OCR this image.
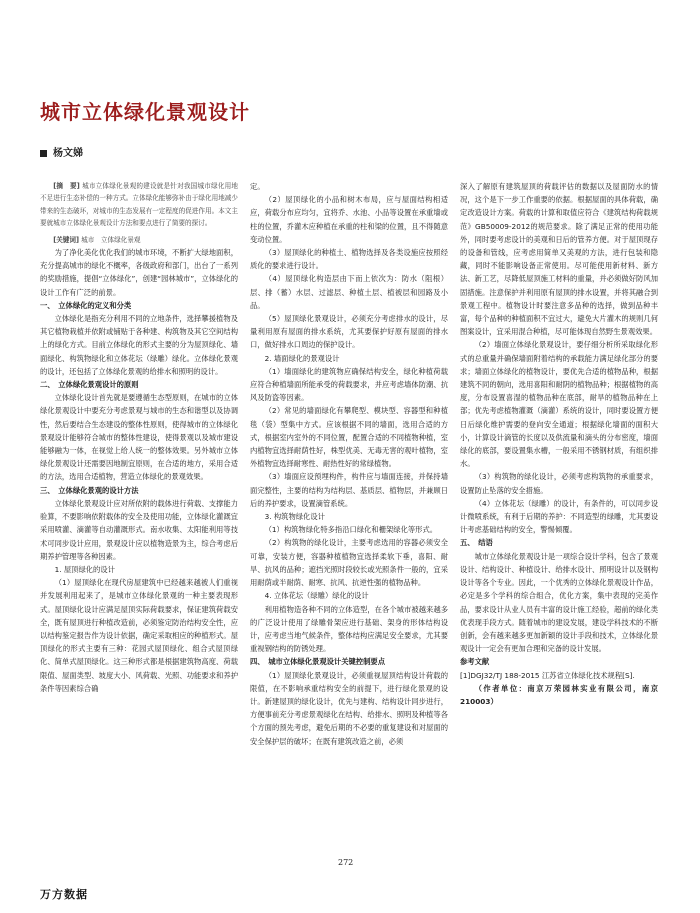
城市立体绿化景观设计
杨文娣

[摘　要] 城市立体绿化景观的建设就是针对我国城市绿化用地不足进行生态补偿的一种方式。立体绿化能够弥补由于绿化用地减少带来的生态破坏，对城市的生态发展有一定程度的促进作用。本文主要就城市立体绿化景观设计方法和要点进行了简要的探讨。

[关键词] 城市　立体绿化景观

为了净化美化优化我们的城市环境，不断扩大绿地面积，充分提高城市的绿化不概率，各级政府和部门，出台了一系列的奖励措施，提倡“立体绿化”，创建“园林城市”，立体绿化的设计工作有广泛的前景。

一、　立体绿化的定义和分类

立体绿化是指充分利用不同的立地条件，选择攀援植物及其它植物栽植并依附或铺贴于各种建、构筑物及其它空间结构上的绿化方式。目前立体绿化的形式主要的分为屋顶绿化、墙面绿化、构筑物绿化和立体花坛（绿雕）绿化。立体绿化景观的设计，还包括了立体绿化景观的给排水和照明的设计。

二、　立体绿化景观设计的原则

立体绿化设计首先就是要遵循生态型原则，在城市的立体绿化景观设计中要充分考虑景观与城市的生态和谐型以及协调性，然后要结合生态建设的整体性原则，使得城市的立体绿化景观设计能够符合城市的整体性建设，使得景观以及城市建设能够融为一体，在视觉上给人统一的整体效果。另外城市立体绿化景观设计还需要因地制宜原则，在合适的地方，采用合适的方法，选用合适植物，营造立体绿化的景观效果。

三、　立体绿化景观的设计方法

立体绿化景观设计应对所依附的载体进行荷载、支撑能力验算，不要影响依附载体的安全及使用功能，立体绿化灌溉宜采用喷灌、滴灌等自动灌溉形式。南水收集、太阳能利用等技术可同步设计应用，景观设计应以植物造景为主，综合考虑后期养护管理等各种因素。

1. 屋顶绿化的设计

（1）屋顶绿化在现代房屋建筑中已经越来越被人们重视并发展利用起来了，是城市立体绿化景观的一种主要表现形式。屋顶绿化设计应满足屋顶实际荷载要求，保证建筑荷载安全，既有屋顶进行种植改造前，必须鉴定防治结构安全性，应以结构鉴定报告作为设计依据，确定采取相应的种植形式。屋顶绿化的形式主要有三种：花园式屋顶绿化、组合式屋顶绿化、简单式屋顶绿化。这三种形式都是根据建筑物高度、荷载限值、屋面类型、坡度大小、风荷载、光照、功能要求和养护条件等因素综合确

定。

（2）屋顶绿化的小品和树木布局，应与屋面结构相适应，荷载分布应均匀，宜将乔、水池、小品等设置在承重墙或柱的位置，乔灌木应种植在承重的柱和梁的位置，且不得随意变动位置。

（3）屋顶绿化的种植土、植物选择及各类设施应按照经质化的要求进行设计。

（4）屋顶绿化构造层由下而上依次为：防水（阻根）层、排（蓄）水层、过滤层、种植土层、植被层和园路及小品。

（5）屋顶绿化景观设计，必须充分考虑排水的设计，尽量利用原有屋面的排水系统，尤其要保护好原有屋面的排水口，做好排水口周边的保护设计。

2. 墙面绿化的景观设计

（1）墙面绿化的建筑物应确保结构安全，绿化种植荷载应符合种植墙面所能承受的荷载要求，并应考虑墙体防潮、抗风及防盗等因素。

（2）常见的墙面绿化有攀爬型、模块型、容器型和种植毯（袋）型集中方式。应该根据不同的墙面，选用合适的方式，根据室内室外的不同位置，配置合适的不同植物种植，室内植物宜选择耐荫性好，株型优美、无毒无害的观叶植物，室外植物宜选择耐寒性、耐热性好的常绿植物。

（3）墙面应设预埋构件，构件应与墙面连接，并保持墙面完整性，主要的结构为结构层、基质层、植物层，并兼顾日后的养护要求，设置滴管系统。

3. 构筑物绿化设计

（1）构筑物绿化特多指沿口绿化和栅架绿化等形式。

（2）构筑物的绿化设计，主要考虑选用的容器必须安全可靠，安装方便，容器种植植物宜选择柔软下垂，喜阳、耐旱、抗风的品种；遮挡光照时段较长或光照条件一般的，宜采用耐荫或半耐荫、耐寒、抗风、抗逆性强的植物品种。

4. 立体花坛（绿雕）绿化的设计

利用植物造各种不同的立体造型，在各个城市被越来越多的广泛设计使用了绿雕骨架应进行基础、架身的形体结构设计，应考虑当地气候条件，整体结构应满足安全要求，尤其要重视钢结构的防锈处理。

四、　城市立体绿化景观设计关键控制要点

（1）屋顶绿化景观设计，必须重视屋顶结构设计荷载的限值，在不影响承重结构安全的前提下，进行绿化景观的设计。新建屋顶的绿化设计，优先与建构、结构设计同步进行，方便事前充分考虑景观绿化在结构、给排水、照明及种植等各个方面的预先考虑，避免后期的不必要的重复建设和对屋面的安全保护层的破坏；在既有建筑改造之前，必须

深入了解原有建筑屋顶的荷载评估的数据以及屋面防水的情况，这个是下一步工作重要的依据。根据屋面的具体荷载，确定改造设计方案。荷载的计算和取值应符合《建筑结构荷载规范》GB50009-2012的规范要求。除了满足正常的使用功能外，同时要考虑设计的美观和日后的管养方便。对于屋顶现存的设备和管线，应考虑用简单又美观的方法，进行包装和隐藏，同时不能影响设备正常使用。尽可能使用新材料、新方法、新工艺，尽降低屋顶施工材料的重量，并必须做好防风加固措施。注意保护并利用原有屋顶的排水设置，并将其融合到景观工程中。植物设计时要注意多品种的选择，做到品种丰富，每个品种的种植面积不宜过大，避免大片灌木的规则几何图案设计，宜采用混合种植，尽可能体现自然野生景观效果。

（2）墙面立体绿化景观设计，要仔细分析所采取绿化形式的总重量并确保墙面附着结构的承载能力满足绿化部分的要求；墙面立体绿化的植物设计，要优先合适的植物品种，根据建筑不同的朝向，选用喜阳和耐阴的植物品种；根据植物的高度，分布设置喜湿的植物品种在底部，耐旱的植物品种在上部；优先考虑植物灌溉（滴灌）系统的设计，同时要设置方便日后绿化维护需要的登向安全通道；根据绿化墙面的面积大小，计算设计滴管的长度以及供流量和滴头的分布密度，墙面绿化的底部，要设置集水槽，一般采用不锈钢材质，有组织排水。

（3）构筑物的绿化设计，必须考虑构筑物的承重要求，设置防止坠落的安全措施。

（4）立体花坛（绿雕）的设计，有条件的，可以同步设计微喷系统，有利于后期的养护：不同造型的绿雕，尤其要设计考虑基础结构的安全，警惕倾覆。

五、　结语

城市立体绿化景观设计是一项综合设计学科，包含了景观设计、结构设计、种植设计、给排水设计、照明设计以及钢构设计等各个专业。因此，一个优秀的立体绿化景观设计作品，必定是多个学科的综合组合，优化方案，集中表现的完美作品，要求设计从业人员有丰富的设计施工经验，超前的绿化类优表现手段方式。随着城市的建设发展，建设学科技术的不断创新，会有越来越多更加新颖的设计手段和技术，立体绿化景观设计一定会有更加合理和完备的设计发展。

参考文献

[1]DGJ32/TJ 188-2015 江苏省立体绿化技术规程[S].

（作者单位：南京万荣园林实业有限公司，南京 210003）

272
万方数据
